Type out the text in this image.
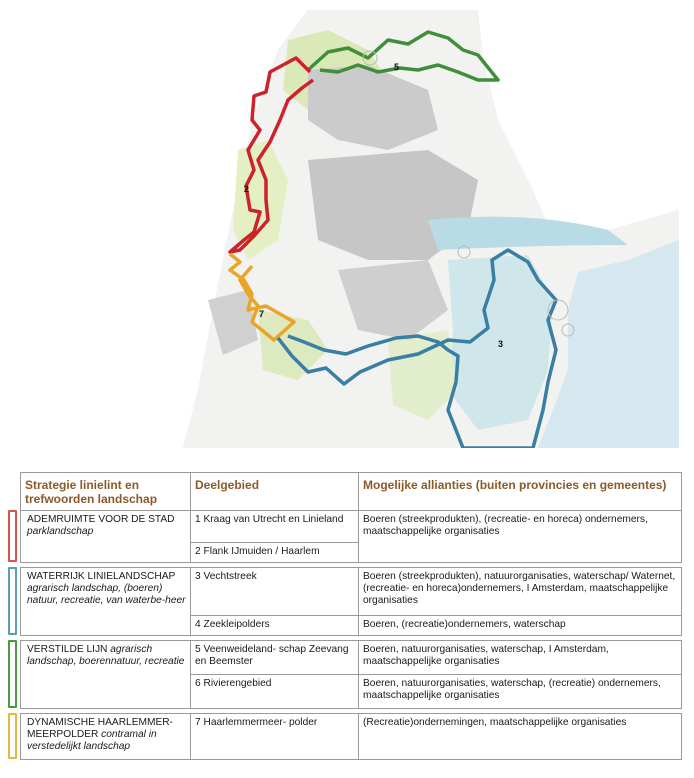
5
2
7
3
Strategie linielint en trefwoorden landschap	Deelgebied	Mogelijke allianties (buiten provincies en gemeentes)

ADEMRUIMTE VOOR DE STAD
parklandschap	1 Kraag van Utrecht en Linieland	Boeren (streekprodukten), (recreatie- en horeca) ondernemers, maatschappelijke organisaties
	2 Flank IJmuiden / Haarlem	

WATERRIJK LINIELANDSCHAP
agrarisch landschap, (boeren) natuur, recreatie, van waterbe-heer	3 Vechtstreek	Boeren (streekprodukten), natuurorganisaties, waterschap/ Waternet, (recreatie- en horeca)ondernemers, I Amsterdam, maatschappelijke organisaties
	4 Zeekleipolders	Boeren, (recreatie)ondernemers, waterschap

VERSTILDE LIJN agrarisch landschap, boerennatuur, recreatie	5 Veenweideland- schap Zeevang en Beemster	Boeren, natuurorganisaties, waterschap, I Amsterdam, maatschappelijke organisaties
	6 Rivierengebied	Boeren, natuurorganisaties, waterschap, (recreatie) ondernemers, maatschappelijke organisaties

DYNAMISCHE HAARLEMMER-MEERPOLDER contramal in verstedelijkt landschap	7 Haarlemmermeer- polder	(Recreatie)ondernemingen, maatschappelijke organisaties
